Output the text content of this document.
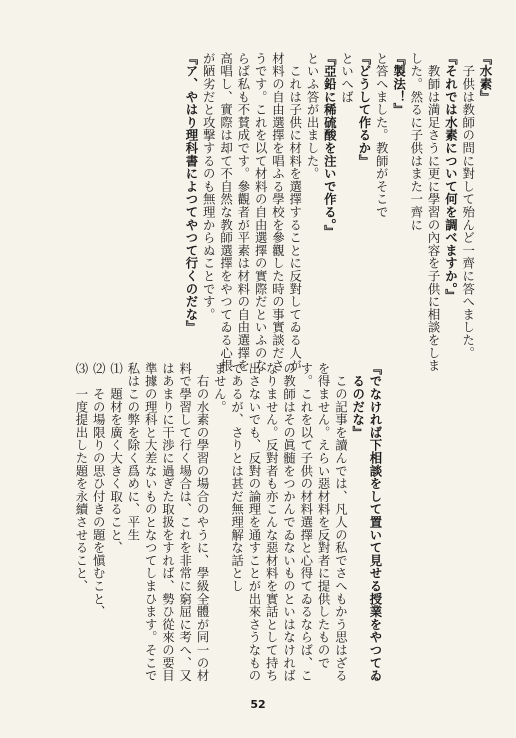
『水素』
　子供は教師の問に對して殆んど一齊に答へました。
『それでは水素について何を調べますか。』
　教師は満足さうに更に學習の內容を子供に相談をしま
した。然るに子供はまた一齊に
『製法！』
と答へました。教師がそこで
『どうして作るか』
といへば
『亞鉛に稀硫酸を注いで作る。』
といふ答が出ました。
　これは子供に材料を選擇することに反對してゐる人が
材料の自由選擇を唱ふる學校を參觀した時の事實談ださ
うです。これを以て材料の自由選擇の實際だといふのな
らば私も不賛成です。參觀者が平素は材料の自由選擇を
高唱し、實際は却て不自然な教師選擇をやつてゐる心根
が陋劣だと攻撃するのも無理からぬことです。
『ア、やはり理科書によつてやつて行くのだな』
『でなければ下相談をして置いて見せる授業をやつてゐ
　るのだな』
　この記事を讀んでは、凡人の私でさへもかう思はざる
を得ません。えらい惡材料を反對者に提供したもので
す。これを以て子供の材料選擇と心得てゐるならば、こ
の教師はその眞髄をつかんでゐないものといはなければ
なりません。反對者も亦こんな惡材料を實話として持ち
出さないでも、反對の論理を通すことが出來さうなもの
であるが、さりとは甚だ無理解な話とし
ません。
　右の水素の學習の場合のやうに、學級全體が同一の材
料で學習して行く場合は、これを非常に窮屈に考へ、又
はあまりに干渉に過ぎた取扱をすれば、勢ひ從來の要目
準據の理科と大差ないものとなつてしまひます。そこで
私はこの弊を除く爲めに、平生
⑴　題材を廣く大きく取ること、
⑵　その場限りの思ひ付きの題を愼むこと、
⑶　一度提出した題を永續させること、
52
